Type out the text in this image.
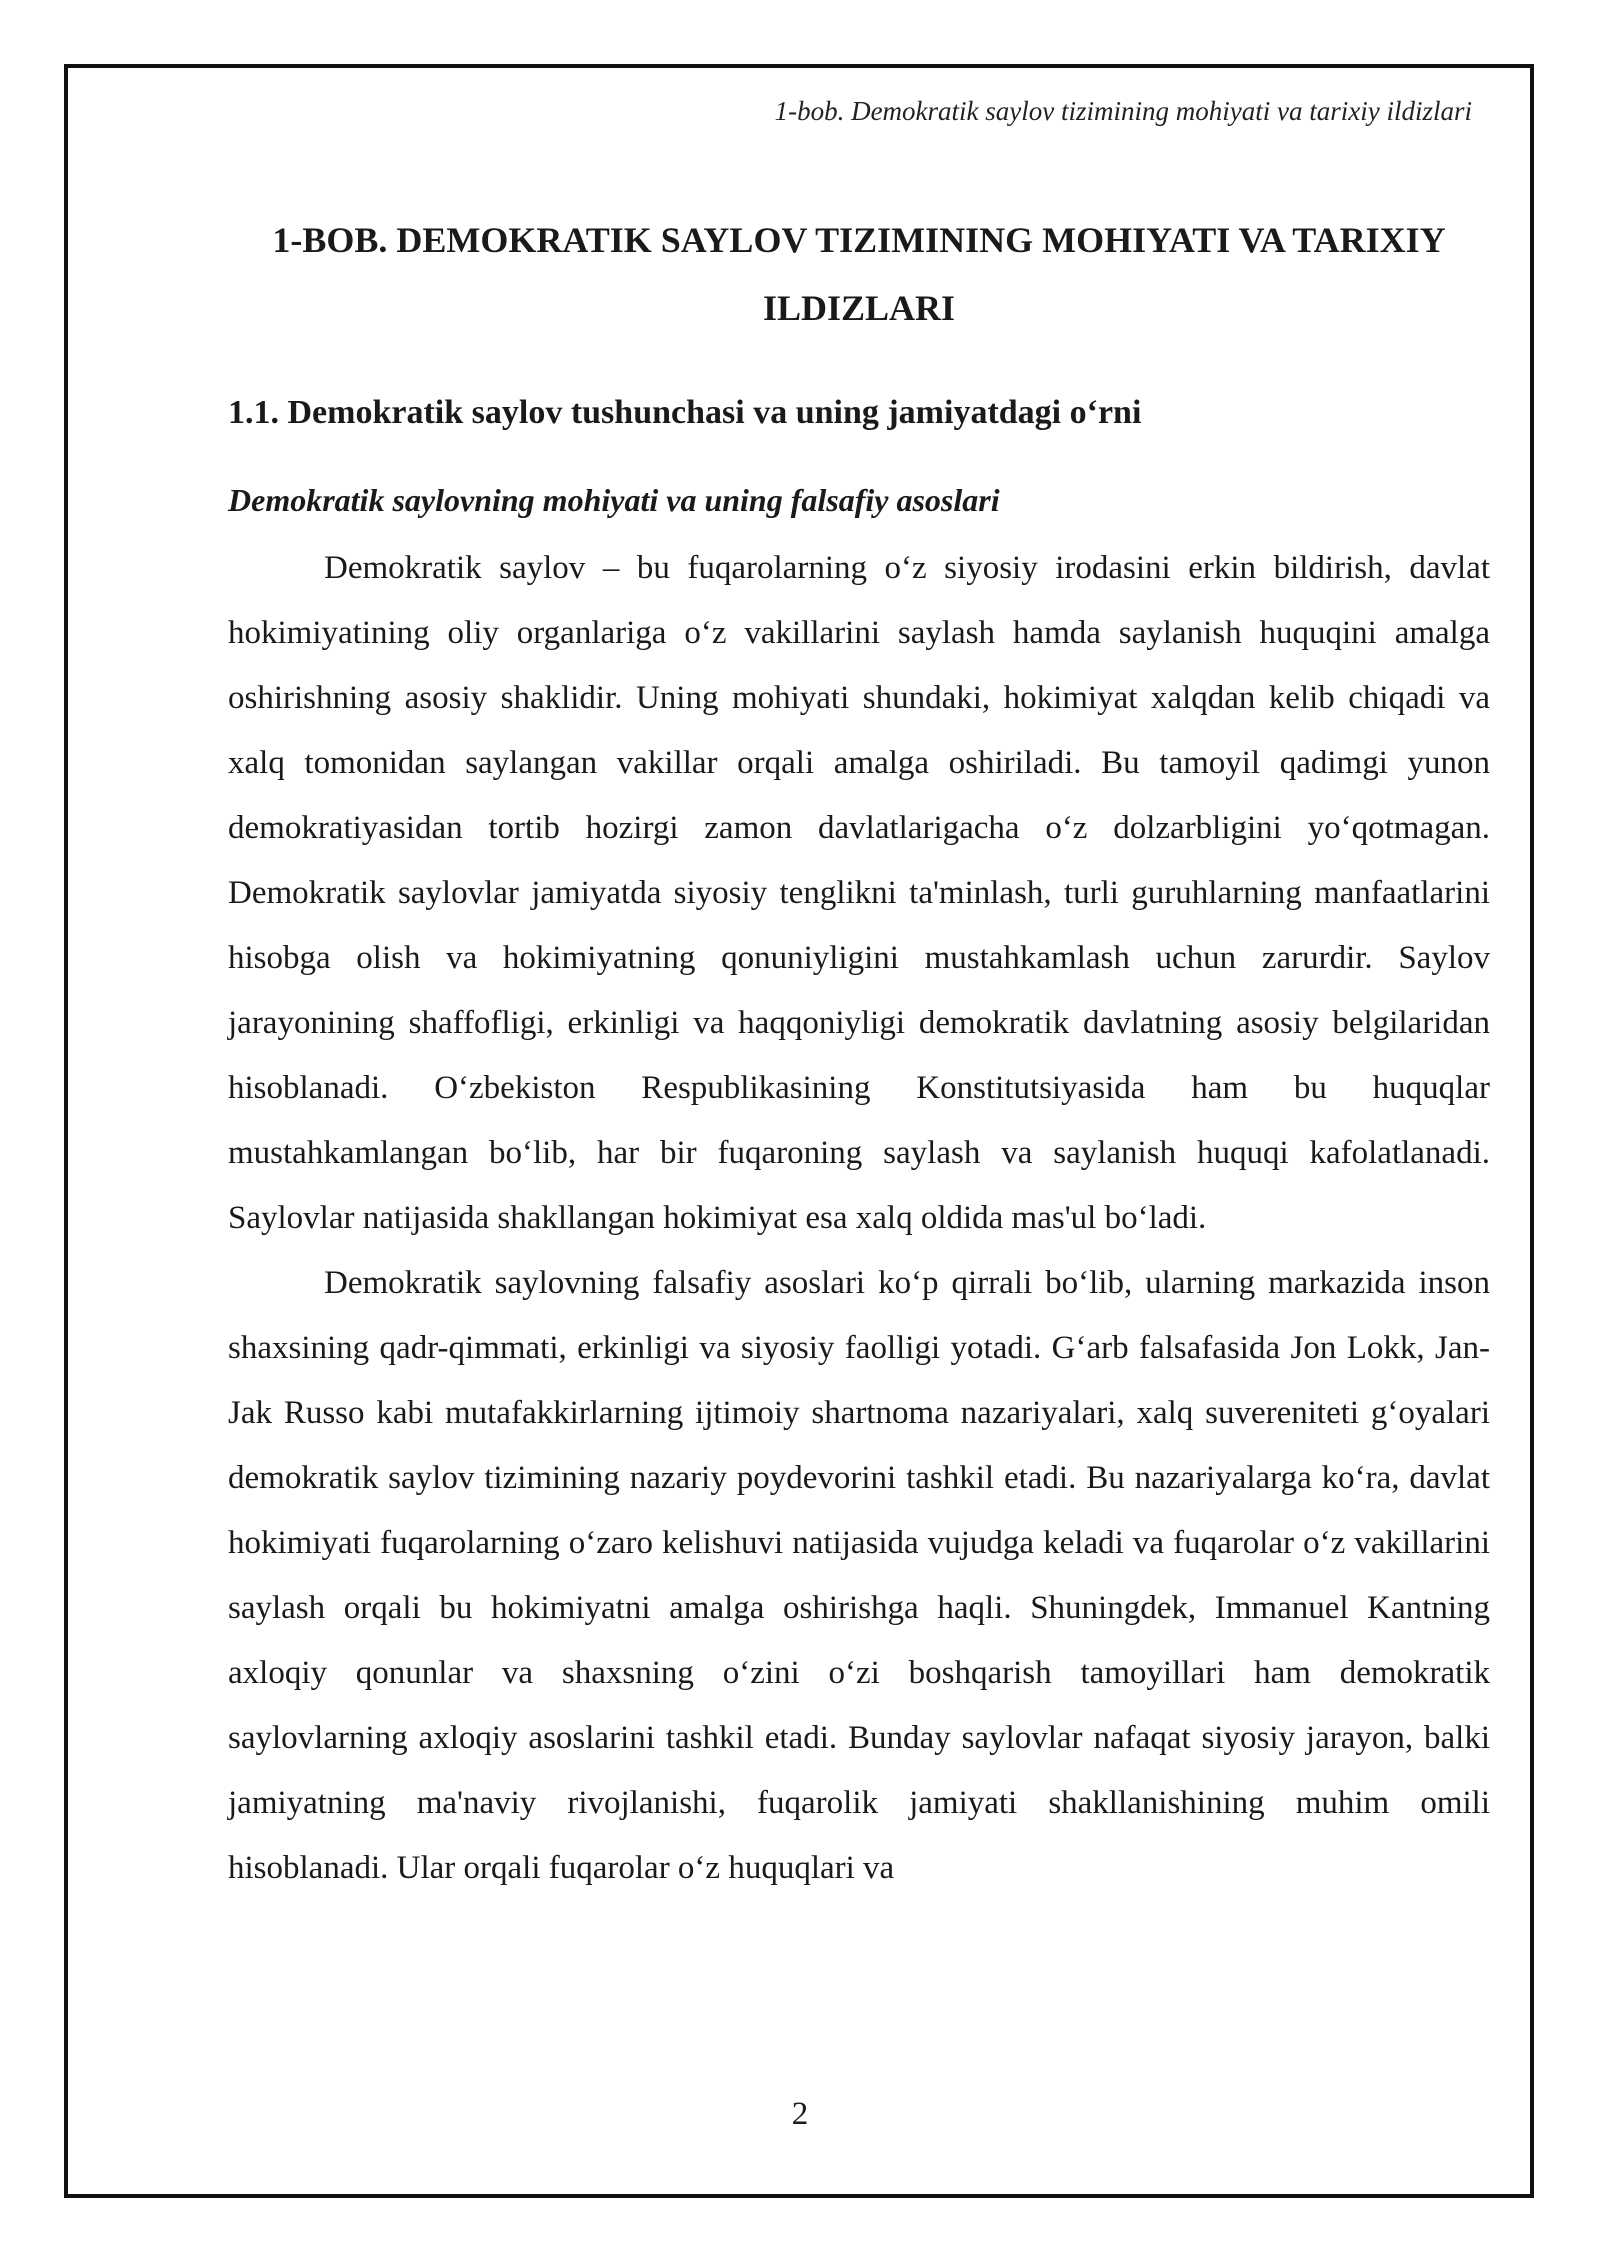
1-bob. Demokratik saylov tizimining mohiyati va tarixiy ildizlari
1-BOB. DEMOKRATIK SAYLOV TIZIMINING MOHIYATI VA TARIXIY ILDIZLARI
1.1. Demokratik saylov tushunchasi va uning jamiyatdagi o‘rni
Demokratik saylovning mohiyati va uning falsafiy asoslari

Demokratik saylov – bu fuqarolarning o‘z siyosiy irodasini erkin bildirish, davlat hokimiyatining oliy organlariga o‘z vakillarini saylash hamda saylanish huquqini amalga oshirishning asosiy shaklidir. Uning mohiyati shundaki, hokimiyat xalqdan kelib chiqadi va xalq tomonidan saylangan vakillar orqali amalga oshiriladi. Bu tamoyil qadimgi yunon demokratiyasidan tortib hozirgi zamon davlatlarigacha o‘z dolzarbligini yo‘qotmagan. Demokratik saylovlar jamiyatda siyosiy tenglikni ta'minlash, turli guruhlarning manfaatlarini hisobga olish va hokimiyatning qonuniyligini mustahkamlash uchun zarurdir. Saylov jarayonining shaffofligi, erkinligi va haqqoniyligi demokratik davlatning asosiy belgilaridan hisoblanadi. O‘zbekiston Respublikasining Konstitutsiyasida ham bu huquqlar mustahkamlangan bo‘lib, har bir fuqaroning saylash va saylanish huquqi kafolatlanadi. Saylovlar natijasida shakllangan hokimiyat esa xalq oldida mas'ul bo‘ladi.

Demokratik saylovning falsafiy asoslari ko‘p qirrali bo‘lib, ularning markazida inson shaxsining qadr-qimmati, erkinligi va siyosiy faolligi yotadi. G‘arb falsafasida Jon Lokk, Jan-Jak Russo kabi mutafakkirlarning ijtimoiy shartnoma nazariyalari, xalq suvereniteti g‘oyalari demokratik saylov tizimining nazariy poydevorini tashkil etadi. Bu nazariyalarga ko‘ra, davlat hokimiyati fuqarolarning o‘zaro kelishuvi natijasida vujudga keladi va fuqarolar o‘z vakillarini saylash orqali bu hokimiyatni amalga oshirishga haqli. Shuningdek, Immanuel Kantning axloqiy qonunlar va shaxsning o‘zini o‘zi boshqarish tamoyillari ham demokratik saylovlarning axloqiy asoslarini tashkil etadi. Bunday saylovlar nafaqat siyosiy jarayon, balki jamiyatning ma'naviy rivojlanishi, fuqarolik jamiyati shakllanishining muhim omili hisoblanadi. Ular orqali fuqarolar o‘z huquqlari va

2
